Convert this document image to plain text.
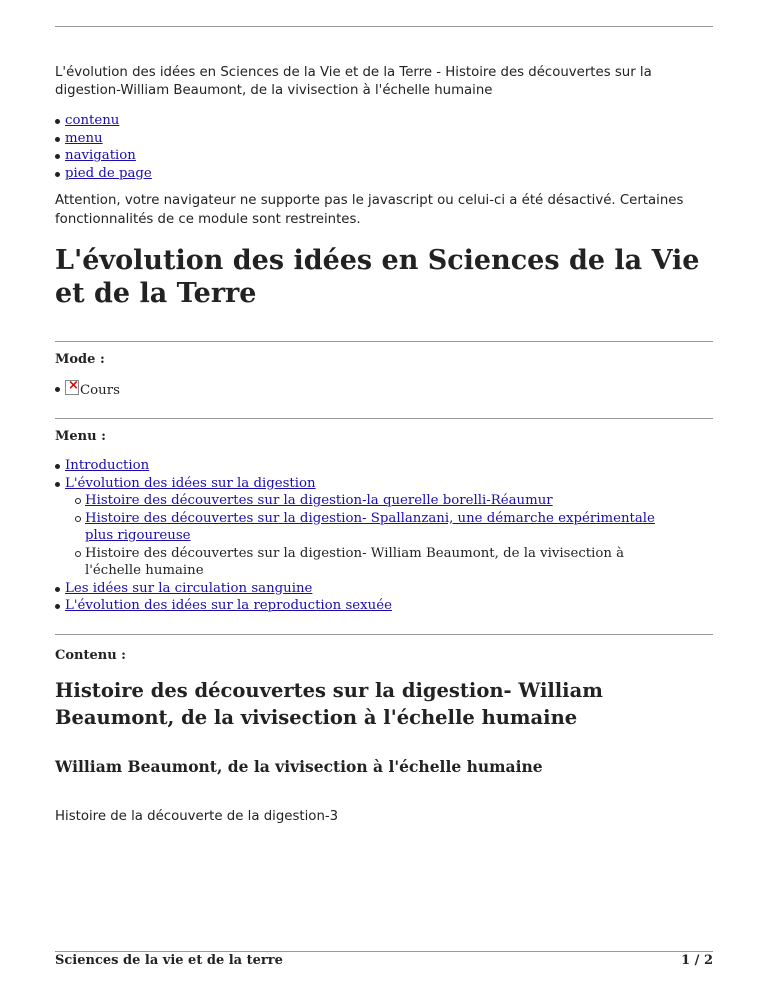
L'évolution des idées en Sciences de la Vie et de la Terre - Histoire des découvertes sur la digestion-William Beaumont, de la vivisection à l'échelle humaine
contenu
menu
navigation
pied de page
Attention, votre navigateur ne supporte pas le javascript ou celui-ci a été désactivé. Certaines fonctionnalités de ce module sont restreintes.
L'évolution des idées en Sciences de la Vie et de la Terre
Mode :
×Cours
Menu :
Introduction
L'évolution des idées sur la digestion
Histoire des découvertes sur la digestion-la querelle borelli-Réaumur
Histoire des découvertes sur la digestion- Spallanzani, une démarche expérimentale plus rigoureuse
Histoire des découvertes sur la digestion- William Beaumont, de la vivisection à l'échelle humaine
Les idées sur la circulation sanguine
L'évolution des idées sur la reproduction sexuée
Contenu :
Histoire des découvertes sur la digestion- William Beaumont, de la vivisection à l'échelle humaine
William Beaumont, de la vivisection à l'échelle humaine
Histoire de la découverte de la digestion-3
Sciences de la vie et de la terre	1 / 2
